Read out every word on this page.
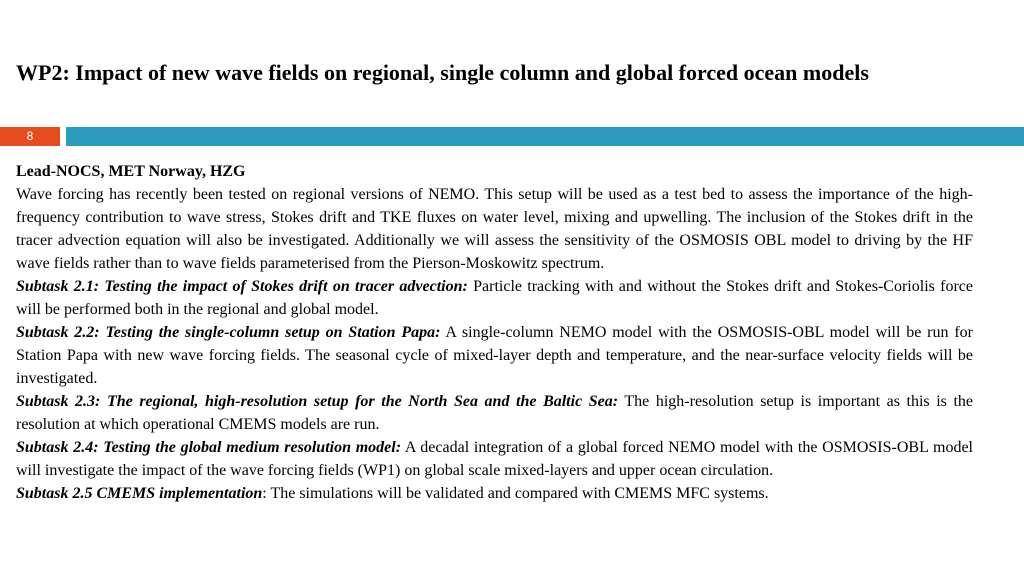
WP2: Impact of new wave fields on regional, single column and global forced ocean models
8

Lead-NOCS, MET Norway, HZG

Wave forcing has recently been tested on regional versions of NEMO. This setup will be used as a test bed to assess the importance of the high-frequency contribution to wave stress, Stokes drift and TKE fluxes on water level, mixing and upwelling. The inclusion of the Stokes drift in the tracer advection equation will also be investigated. Additionally we will assess the sensitivity of the OSMOSIS OBL model to driving by the HF wave fields rather than to wave fields parameterised from the Pierson-Moskowitz spectrum.

Subtask 2.1: Testing the impact of Stokes drift on tracer advection: Particle tracking with and without the Stokes drift and Stokes-Coriolis force will be performed both in the regional and global model.

Subtask 2.2: Testing the single-column setup on Station Papa: A single-column NEMO model with the OSMOSIS-OBL model will be run for Station Papa with new wave forcing fields. The seasonal cycle of mixed-layer depth and temperature, and the near-surface velocity fields will be investigated.

Subtask 2.3: The regional, high-resolution setup for the North Sea and the Baltic Sea: The high-resolution setup is important as this is the resolution at which operational CMEMS models are run.

Subtask 2.4: Testing the global medium resolution model: A decadal integration of a global forced NEMO model with the OSMOSIS-OBL model will investigate the impact of the wave forcing fields (WP1) on global scale mixed-layers and upper ocean circulation.

Subtask 2.5 CMEMS implementation: The simulations will be validated and compared with CMEMS MFC systems.
